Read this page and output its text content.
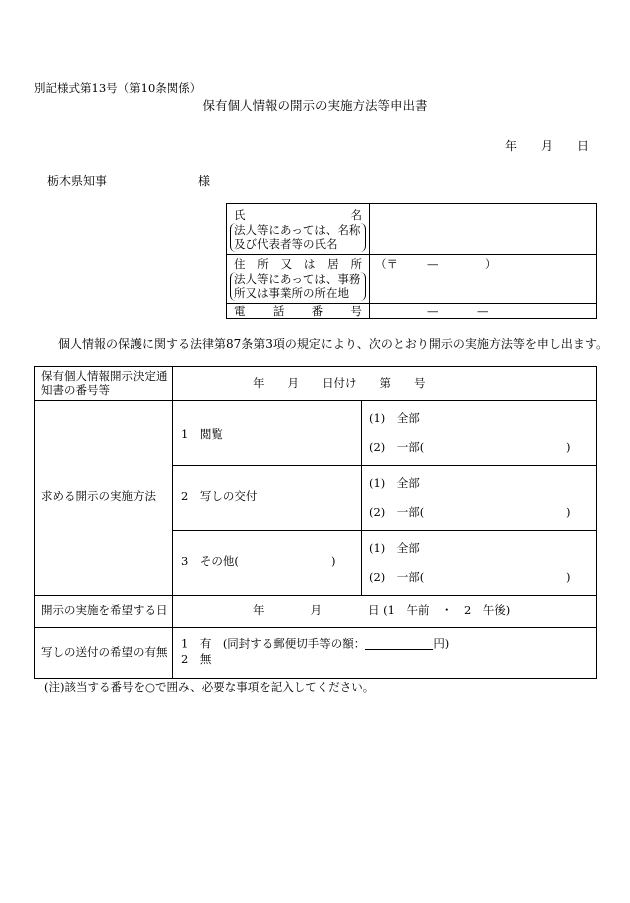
別記様式第13号（第10条関係）
保有個人情報の開示の実施方法等申出書
年 月 日
栃木県知事	様
氏	名
法人等にあっては、名称
及び代表者等の氏名
住 所 又 は 居 所
法人等にあっては、事務
所又は事業所の所在地
（〒	—	）
電 話 番 号	—	—
個人情報の保護に関する法律第87条第3項の規定により、次のとおり開示の実施方法等を申し出ます。
保有個人情報開示決定通
知書の番号等	年　　月　　日付け　　第　　号
求める開示の実施方法
1　閲覧
(1)　全部
(2)　一部(	)
2　写しの交付
(1)　全部
(2)　一部(	)
3　その他(	)
(1)　全部
(2)　一部(	)
開示の実施を希望する日	年　　　　月　　　　日 (1　午前　・　2　午後)
写しの送付の希望の有無
1　有　(同封する郵便切手等の額：	円)
2　無
(注)該当する番号を○で囲み、必要な事項を記入してください。
